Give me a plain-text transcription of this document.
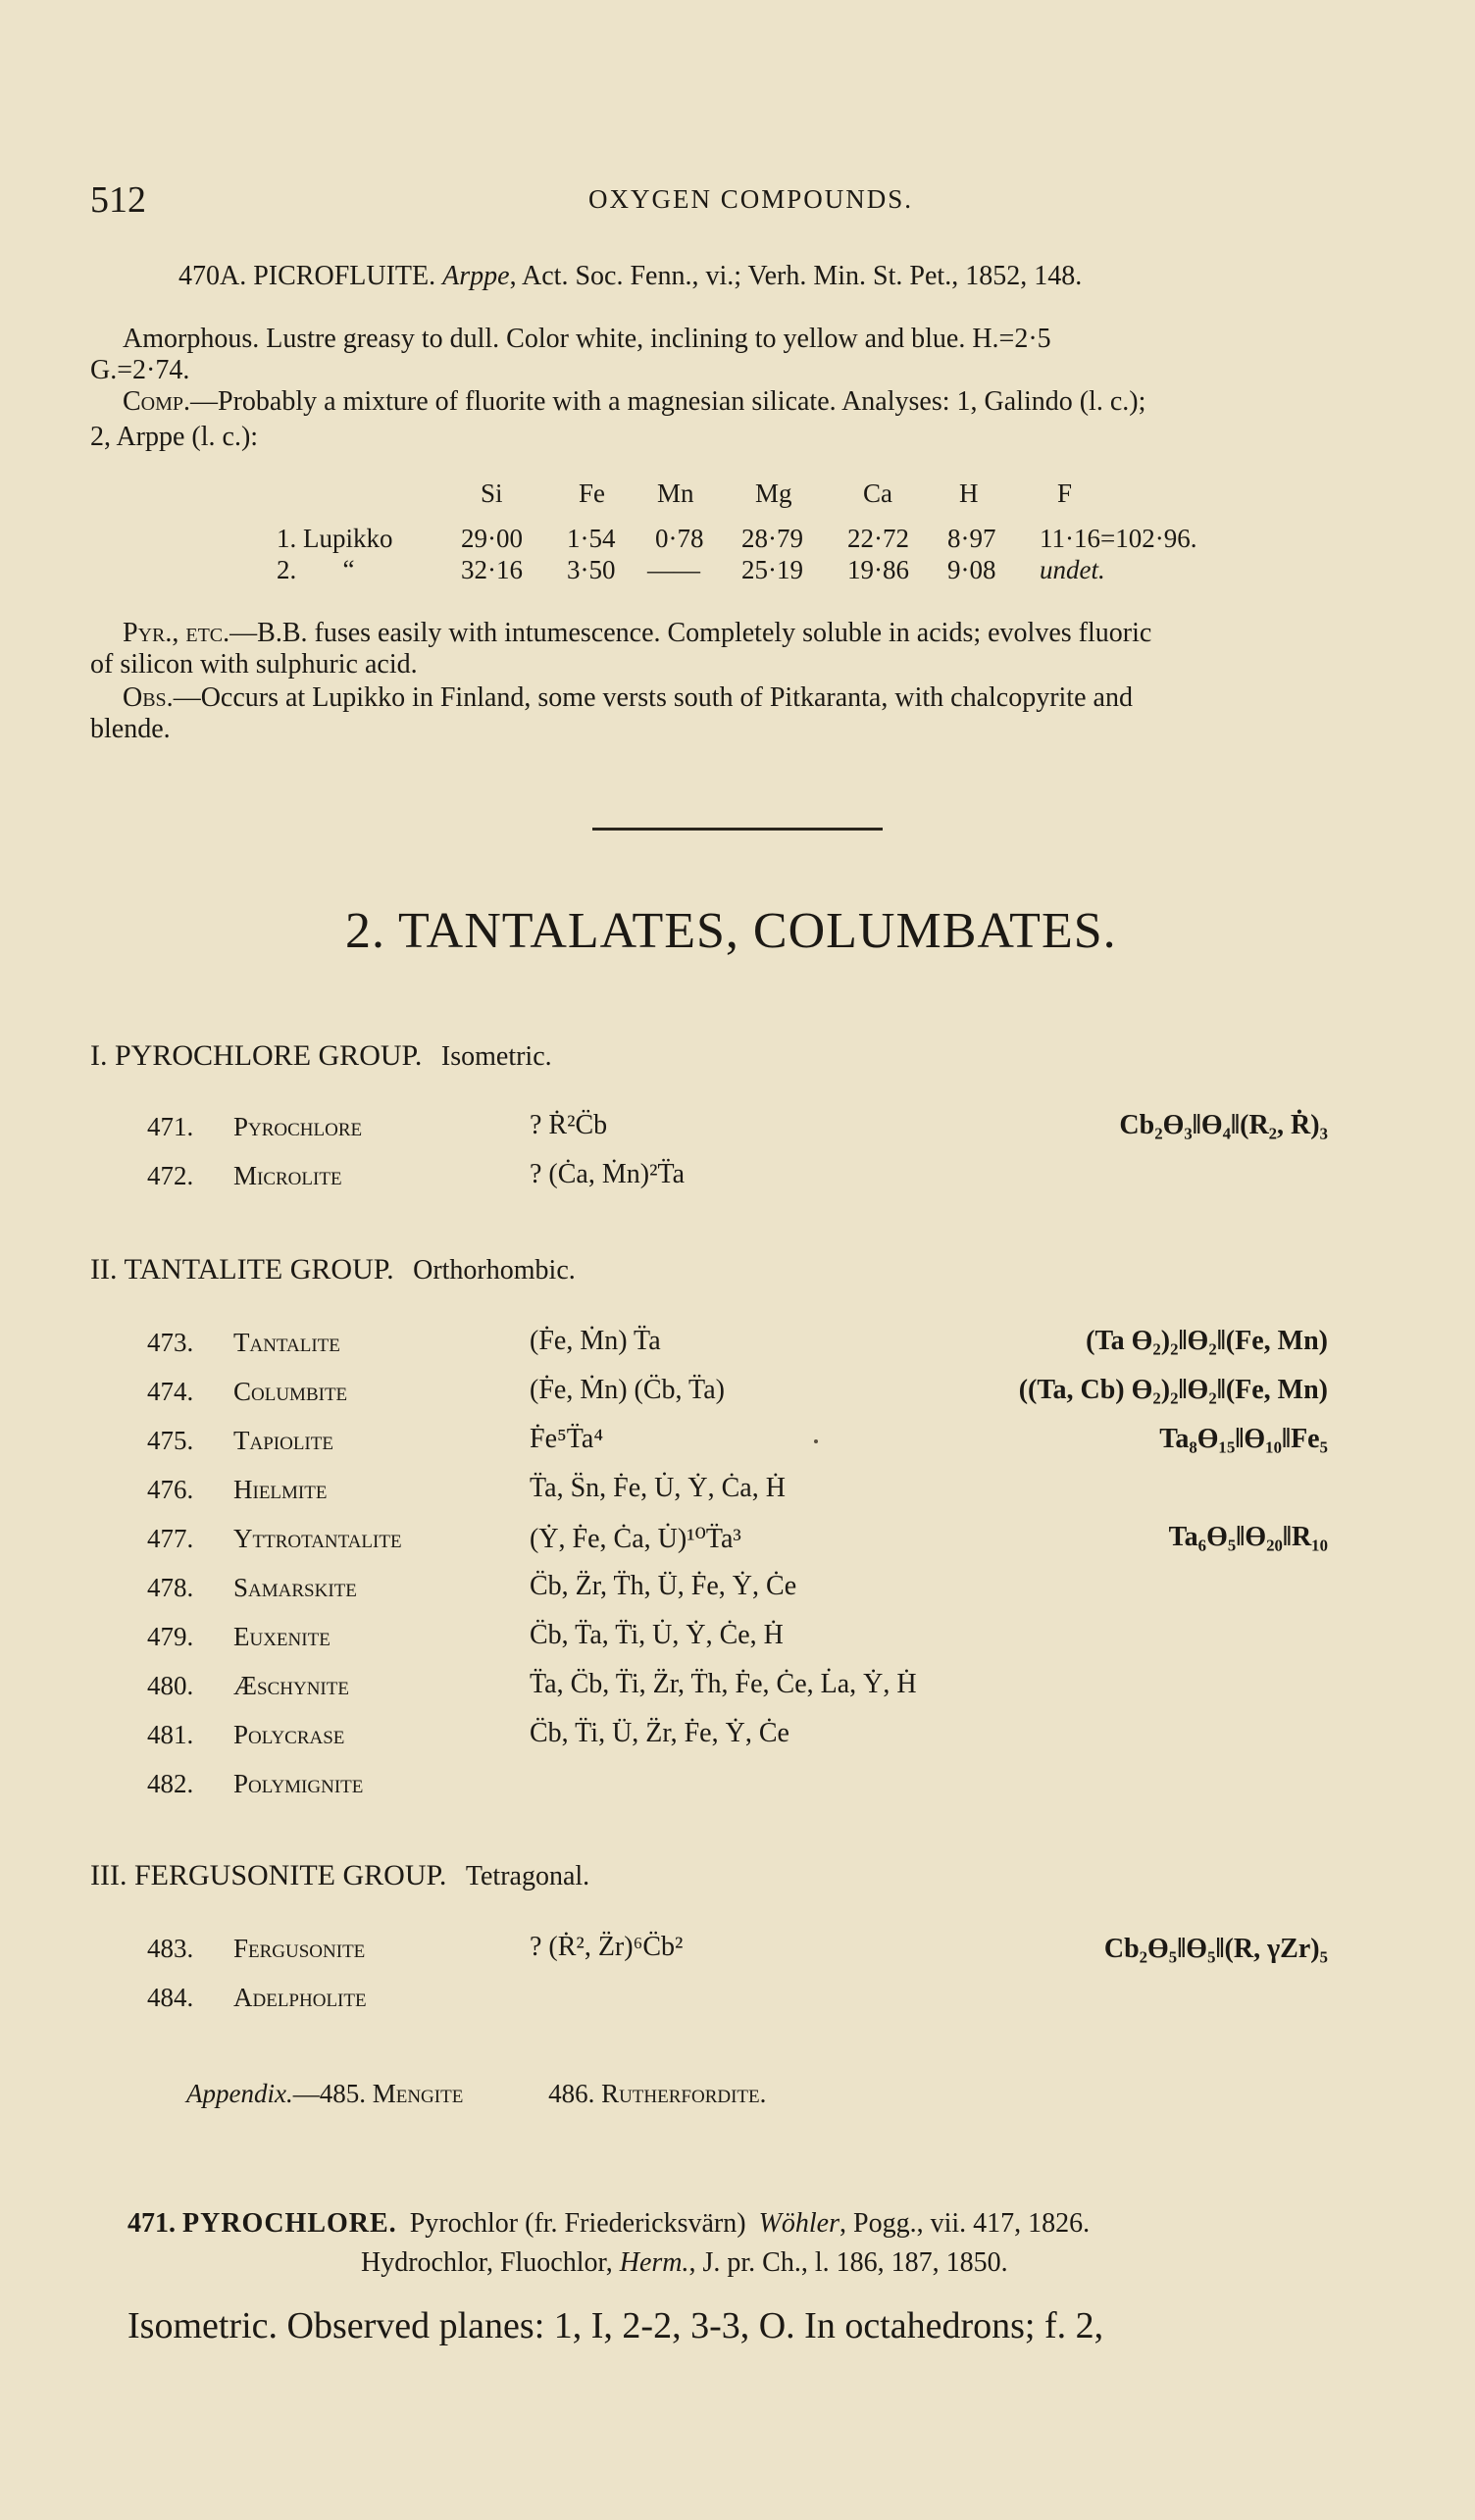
512	OXYGEN COMPOUNDS.
470A. PICROFLUITE. Arppe, Act. Soc. Fenn., vi.; Verh. Min. St. Pet., 1852, 148.
Amorphous. Lustre greasy to dull. Color white, inclining to yellow and blue. H.=2·5
G.=2·74.
Comp.—Probably a mixture of fluorite with a magnesian silicate. Analyses: 1, Galindo (l. c.);
2, Arppe (l. c.):
Si	Fe Mn Mg	Ca	H	F
1. Lupikko	29·00 1·54 0·78 28·79 22·72 8·97 11·16=102·96.
2.       “	32·16 3·50 —— 25·19 19·86 9·08 undet.
Pyr., etc.—B.B. fuses easily with intumescence. Completely soluble in acids; evolves fluoric
of silicon with sulphuric acid.
Obs.—Occurs at Lupikko in Finland, some versts south of Pitkaranta, with chalcopyrite and
blende.
2. TANTALATES, COLUMBATES.
I. PYROCHLORE GROUP. Isometric.
471. Pyrochlore	? Ṙ²C̈b	Cb₂ϴ₃‖ϴ₄‖(R₂, Ṙ)₃
472. Microlite	? (Ċa, Ṁn)²T̈a
II. TANTALITE GROUP. Orthorhombic.
473. Tantalite	(Ḟe, Ṁn) T̈a	(Ta ϴ₂)₂‖ϴ₂‖(Fe, Mn)
474. Columbite	(Ḟe, Ṁn) (C̈b, T̈a)	((Ta, Cb) ϴ₂)₂‖ϴ₂‖(Fe, Mn)
475. Tapiolite	Ḟe⁵T̈a⁴	Ta₈ϴ₁₅‖ϴ₁₀‖Fe₅
476. Hielmite	T̈a, S̈n, Ḟe, U̇, Ẏ, Ċa, Ḣ
477. Yttrotantalite	(Ẏ, Ḟe, Ċa, U̇)¹⁰T̈a³	Ta₆ϴ₅‖ϴ₂₀‖R₁₀
478. Samarskite	C̈b, Z̈r, T̈h, Ü, Ḟe, Ẏ, Ċe
479. Euxenite	C̈b, T̈a, T̈i, U̇, Ẏ, Ċe, Ḣ
480. Æschynite	T̈a, C̈b, T̈i, Z̈r, T̈h, Ḟe, Ċe, L̇a, Ẏ, Ḣ
481. Polycrase	C̈b, T̈i, Ü, Z̈r, Ḟe, Ẏ, Ċe
482. Polymignite
III. FERGUSONITE GROUP. Tetragonal.
483. Fergusonite	? (Ṙ², Z̈r)⁶C̈b²	Cb₂ϴ₅‖ϴ₅‖(R, γZr)₅
484. Adelpholite
Appendix.—485. Mengite	486. Rutherfordite.
471. PYROCHLORE. Pyrochlor (fr. Friedericksvärn) Wöhler, Pogg., vii. 417, 1826.
Hydrochlor, Fluochlor, Herm., J. pr. Ch., l. 186, 187, 1850.
Isometric. Observed planes: 1, I, 2-2, 3-3, O. In octahedrons; f. 2,
